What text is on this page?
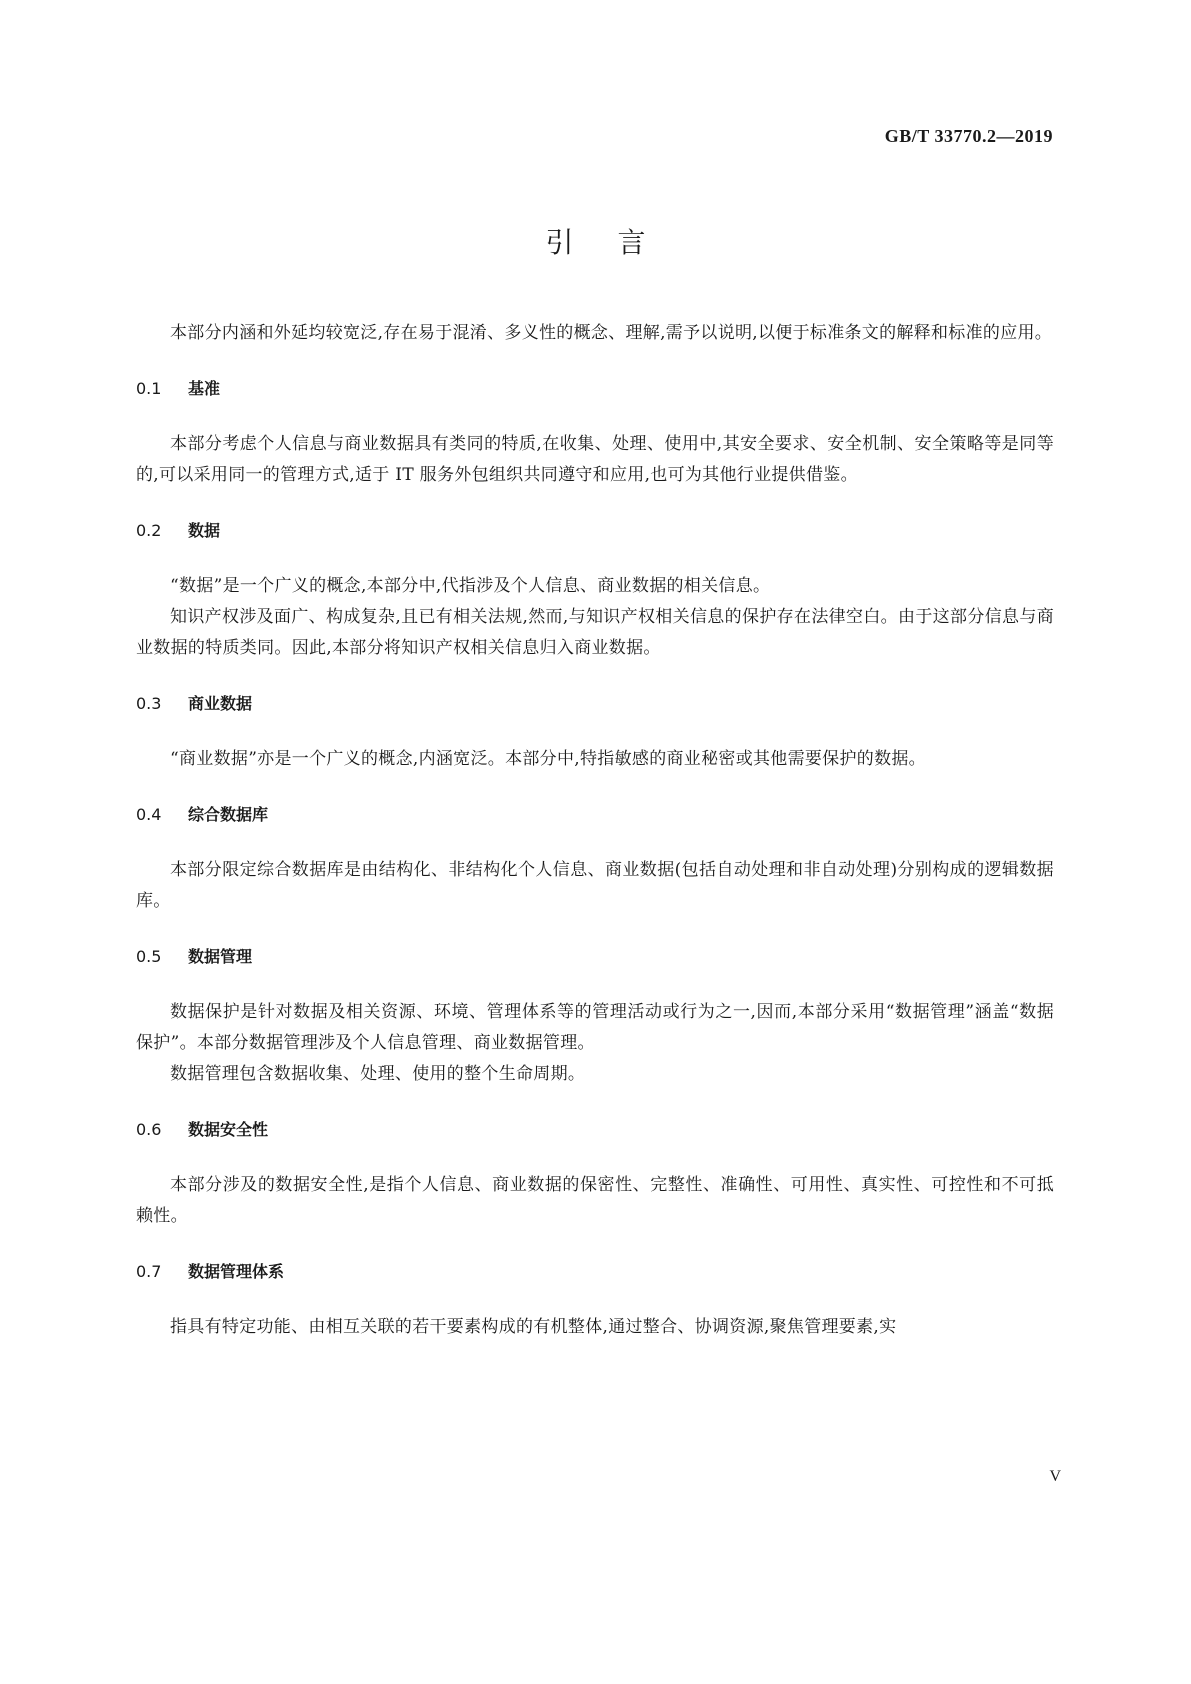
GB/T 33770.2—2019
引言

本部分内涵和外延均较宽泛,存在易于混淆、多义性的概念、理解,需予以说明,以便于标准条文的解释和标准的应用。

0.1 基准

本部分考虑个人信息与商业数据具有类同的特质,在收集、处理、使用中,其安全要求、安全机制、安全策略等是同等的,可以采用同一的管理方式,适于 IT 服务外包组织共同遵守和应用,也可为其他行业提供借鉴。

0.2 数据

“数据”是一个广义的概念,本部分中,代指涉及个人信息、商业数据的相关信息。

知识产权涉及面广、构成复杂,且已有相关法规,然而,与知识产权相关信息的保护存在法律空白。由于这部分信息与商业数据的特质类同。因此,本部分将知识产权相关信息归入商业数据。

0.3 商业数据

“商业数据”亦是一个广义的概念,内涵宽泛。本部分中,特指敏感的商业秘密或其他需要保护的数据。

0.4 综合数据库

本部分限定综合数据库是由结构化、非结构化个人信息、商业数据(包括自动处理和非自动处理)分别构成的逻辑数据库。

0.5 数据管理

数据保护是针对数据及相关资源、环境、管理体系等的管理活动或行为之一,因而,本部分采用“数据管理”涵盖“数据保护”。本部分数据管理涉及个人信息管理、商业数据管理。

数据管理包含数据收集、处理、使用的整个生命周期。

0.6 数据安全性

本部分涉及的数据安全性,是指个人信息、商业数据的保密性、完整性、准确性、可用性、真实性、可控性和不可抵赖性。

0.7 数据管理体系

指具有特定功能、由相互关联的若干要素构成的有机整体,通过整合、协调资源,聚焦管理要素,实

V
